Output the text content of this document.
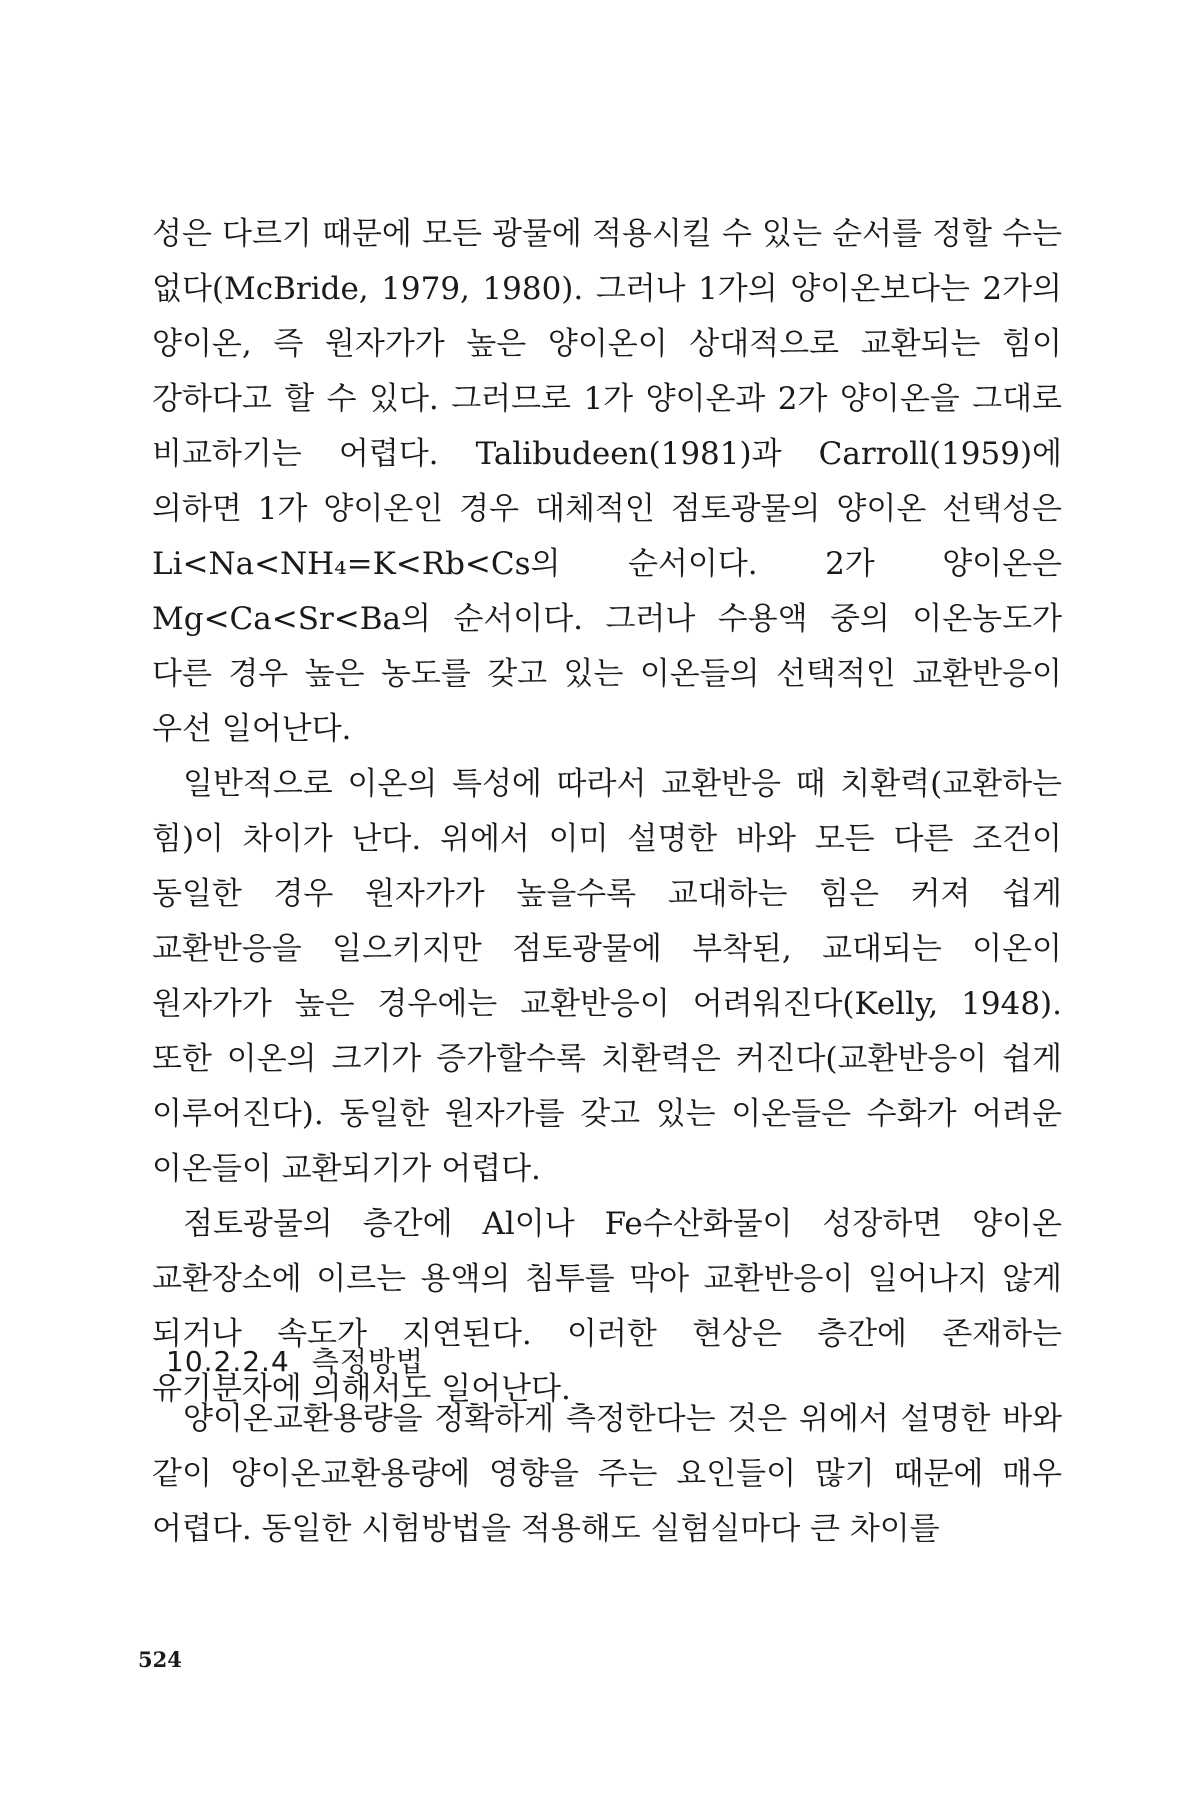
성은 다르기 때문에 모든 광물에 적용시킬 수 있는 순서를 정할 수는 없다(McBride, 1979, 1980). 그러나 1가의 양이온보다는 2가의 양이온, 즉 원자가가 높은 양이온이 상대적으로 교환되는 힘이 강하다고 할 수 있다. 그러므로 1가 양이온과 2가 양이온을 그대로 비교하기는 어렵다. Talibudeen(1981)과 Carroll(1959)에 의하면 1가 양이온인 경우 대체적인 점토광물의 양이온 선택성은 Li<Na<NH₄=K<Rb<Cs의 순서이다. 2가 양이온은 Mg<Ca<Sr<Ba의 순서이다. 그러나 수용액 중의 이온농도가 다른 경우 높은 농도를 갖고 있는 이온들의 선택적인 교환반응이 우선 일어난다.

일반적으로 이온의 특성에 따라서 교환반응 때 치환력(교환하는 힘)이 차이가 난다. 위에서 이미 설명한 바와 모든 다른 조건이 동일한 경우 원자가가 높을수록 교대하는 힘은 커져 쉽게 교환반응을 일으키지만 점토광물에 부착된, 교대되는 이온이 원자가가 높은 경우에는 교환반응이 어려워진다(Kelly, 1948). 또한 이온의 크기가 증가할수록 치환력은 커진다(교환반응이 쉽게 이루어진다). 동일한 원자가를 갖고 있는 이온들은 수화가 어려운 이온들이 교환되기가 어렵다.

점토광물의 층간에 Al이나 Fe수산화물이 성장하면 양이온 교환장소에 이르는 용액의 침투를 막아 교환반응이 일어나지 않게 되거나 속도가 지연된다. 이러한 현상은 층간에 존재하는 유기분자에 의해서도 일어난다.

10.2.2.4 측정방법

양이온교환용량을 정확하게 측정한다는 것은 위에서 설명한 바와 같이 양이온교환용량에 영향을 주는 요인들이 많기 때문에 매우 어렵다. 동일한 시험방법을 적용해도 실험실마다 큰 차이를

524
